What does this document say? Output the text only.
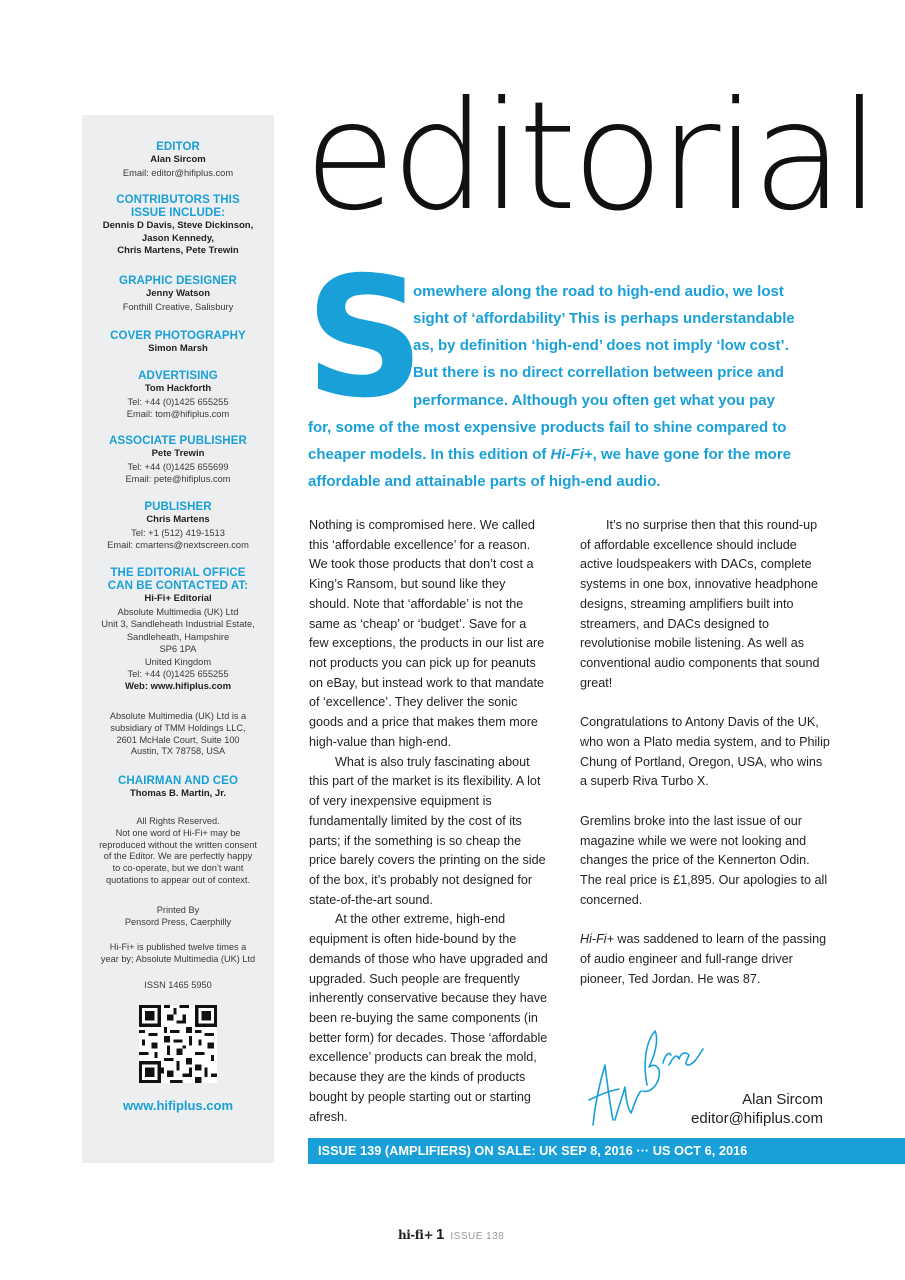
EDITOR
Alan Sircom
Email: editor@hifiplus.com
CONTRIBUTORS THIS
ISSUE INCLUDE:
Dennis D Davis, Steve Dickinson,
Jason Kennedy,
Chris Martens, Pete Trewin
GRAPHIC DESIGNER
Jenny Watson
Fonthill Creative, Salisbury
COVER PHOTOGRAPHY
Simon Marsh
ADVERTISING
Tom Hackforth
Tel: +44 (0)1425 655255
Email: tom@hifiplus.com
ASSOCIATE PUBLISHER
Pete Trewin
Tel: +44 (0)1425 655699
Email: pete@hifiplus.com
PUBLISHER
Chris Martens
Tel: +1 (512) 419-1513
Email: cmartens@nextscreen.com
THE EDITORIAL OFFICE
CAN BE CONTACTED AT:
Hi-Fi+ Editorial
Absolute Multimedia (UK) Ltd
Unit 3, Sandleheath Industrial Estate,
Sandleheath, Hampshire
SP6 1PA
United Kingdom
Tel: +44 (0)1425 655255
Web: www.hifiplus.com
Absolute Multimedia (UK) Ltd is a
subsidiary of TMM Holdings LLC,
2601 McHale Court, Suite 100
Austin, TX 78758, USA
CHAIRMAN AND CEO
Thomas B. Martin, Jr.
All Rights Reserved.
Not one word of Hi-Fi+ may be
reproduced without the written consent
of the Editor. We are perfectly happy
to co-operate, but we don’t want
quotations to appear out of context.
Printed By
Pensord Press, Caerphilly
Hi-Fi+ is published twelve times a
year by; Absolute Multimedia (UK) Ltd
ISSN 1465 5950
www.hifiplus.com
editorial
S
omewhere along the road to high-end audio, we lost
sight of ‘affordability’ This is perhaps understandable
as, by definition ‘high-end’ does not imply ‘low cost’.
But there is no direct correllation between price and
performance. Although you often get what you pay
for, some of the most expensive products fail to shine compared to
cheaper models. In this edition of Hi-Fi+, we have gone for the more
affordable and attainable parts of high-end audio.

Nothing is compromised here. We called this ‘affordable excellence’ for a reason. We took those products that don’t cost a King’s Ransom, but sound like they should. Note that ‘affordable’ is not the same as ‘cheap’ or ‘budget’. Save for a few exceptions, the products in our list are not products you can pick up for peanuts on eBay, but instead work to that mandate of ‘excellence’. They deliver the sonic goods and a price that makes them more high-value than high-end.

What is also truly fascinating about this part of the market is its flexibility. A lot of very inexpensive equipment is fundamentally limited by the cost of its parts; if the something is so cheap the price barely covers the printing on the side of the box, it’s probably not designed for state-of-the-art sound.

At the other extreme, high-end equipment is often hide-bound by the demands of those who have upgraded and upgraded. Such people are frequently inherently conservative because they have been re-buying the same components (in better form) for decades. Those ‘affordable excellence’ products can break the mold, because they are the kinds of products bought by people starting out or starting afresh.

It’s no surprise then that this round-up of affordable excellence should include active loudspeakers with DACs, complete systems in one box, innovative headphone designs, streaming amplifiers built into streamers, and DACs designed to revolutionise mobile listening. As well as conventional audio components that sound great!

Congratulations to Antony Davis of the UK, who won a Plato media system, and to Philip Chung of Portland, Oregon, USA, who wins a superb Riva Turbo X.

Gremlins broke into the last issue of our magazine while we were not looking and changes the price of the Kennerton Odin. The real price is £1,895. Our apologies to all concerned.

Hi-Fi+ was saddened to learn of the passing of audio engineer and full-range driver pioneer, Ted Jordan. He was 87.

Alan Sircom
editor@hifiplus.com
ISSUE 139 (AMPLIFIERS) ON SALE: UK SEP 8, 2016 ··· US OCT 6, 2016
hi-fi+ 1 ISSUE 138
